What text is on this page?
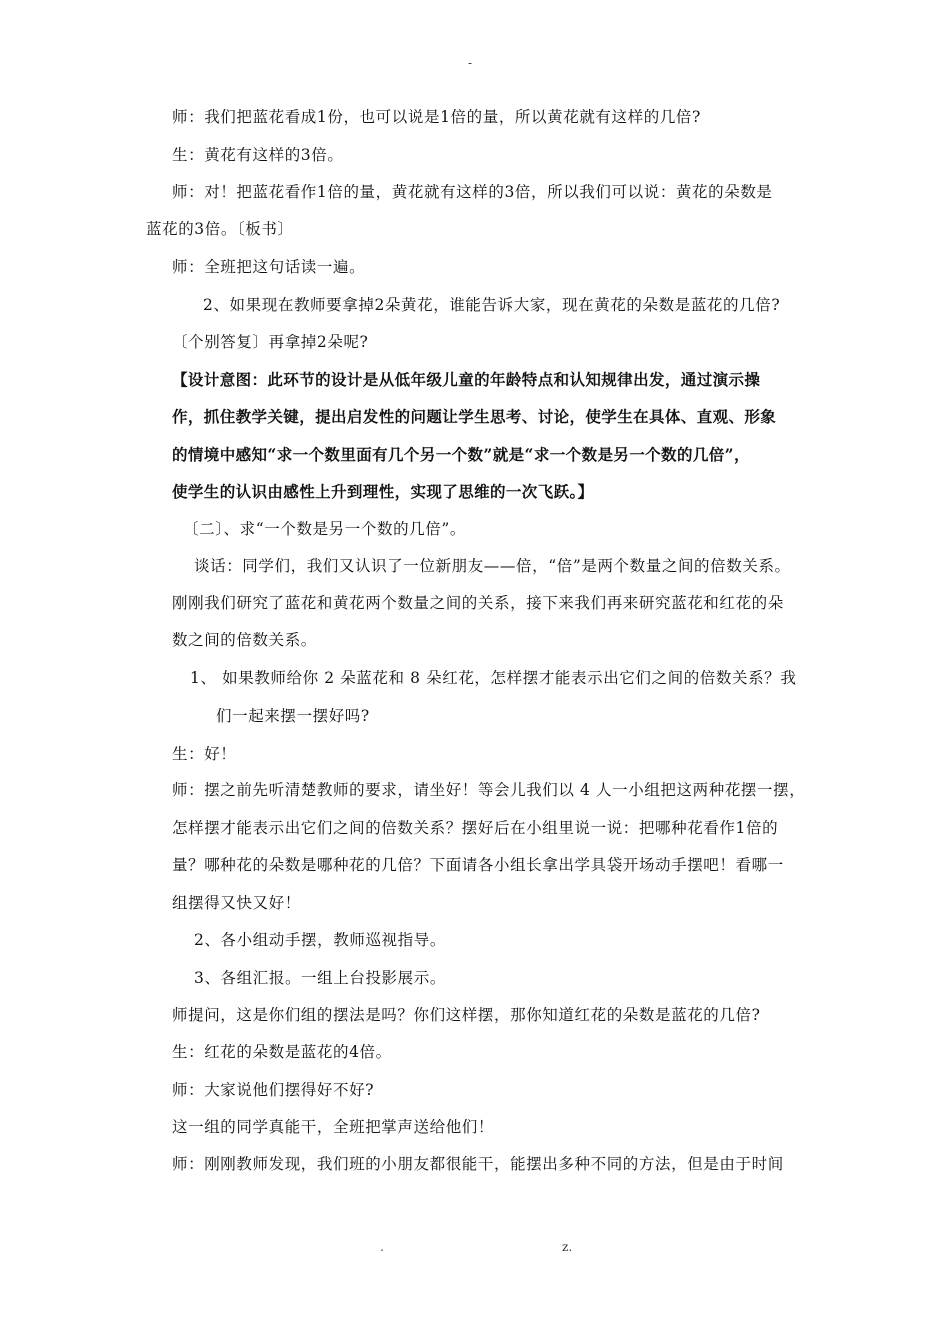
-
师：我们把蓝花看成1份，也可以说是1倍的量，所以黄花就有这样的几倍?
生：黄花有这样的3倍。
师：对！把蓝花看作1倍的量，黄花就有这样的3倍，所以我们可以说：黄花的朵数是
蓝花的3倍。〔板书〕
师：全班把这句话读一遍。
2、如果现在教师要拿掉2朵黄花，谁能告诉大家，现在黄花的朵数是蓝花的几倍?
〔个别答复〕再拿掉2朵呢?
【设计意图：此环节的设计是从低年级儿童的年龄特点和认知规律出发，通过演示操
作，抓住教学关键，提出启发性的问题让学生思考、讨论，使学生在具体、直观、形象
的情境中感知“求一个数里面有几个另一个数”就是“求一个数是另一个数的几倍”，
使学生的认识由感性上升到理性，实现了思维的一次飞跃。】
〔二〕、求“一个数是另一个数的几倍”。
谈话：同学们，我们又认识了一位新朋友——倍，“倍”是两个数量之间的倍数关系。
刚刚我们研究了蓝花和黄花两个数量之间的关系，接下来我们再来研究蓝花和红花的朵
数之间的倍数关系。
1、 如果教师给你 2 朵蓝花和 8 朵红花，怎样摆才能表示出它们之间的倍数关系？我
们一起来摆一摆好吗?
生：好！
师：摆之前先听清楚教师的要求，请坐好！等会儿我们以 4 人一小组把这两种花摆一摆，
怎样摆才能表示出它们之间的倍数关系？摆好后在小组里说一说：把哪种花看作1倍的
量？哪种花的朵数是哪种花的几倍？下面请各小组长拿出学具袋开场动手摆吧！看哪一
组摆得又快又好！
2、各小组动手摆，教师巡视指导。
3、各组汇报。一组上台投影展示。
师提问，这是你们组的摆法是吗？你们这样摆，那你知道红花的朵数是蓝花的几倍?
生：红花的朵数是蓝花的4倍。
师：大家说他们摆得好不好?
这一组的同学真能干，全班把掌声送给他们！
师：刚刚教师发现，我们班的小朋友都很能干，能摆出多种不同的方法，但是由于时间
.	z.
